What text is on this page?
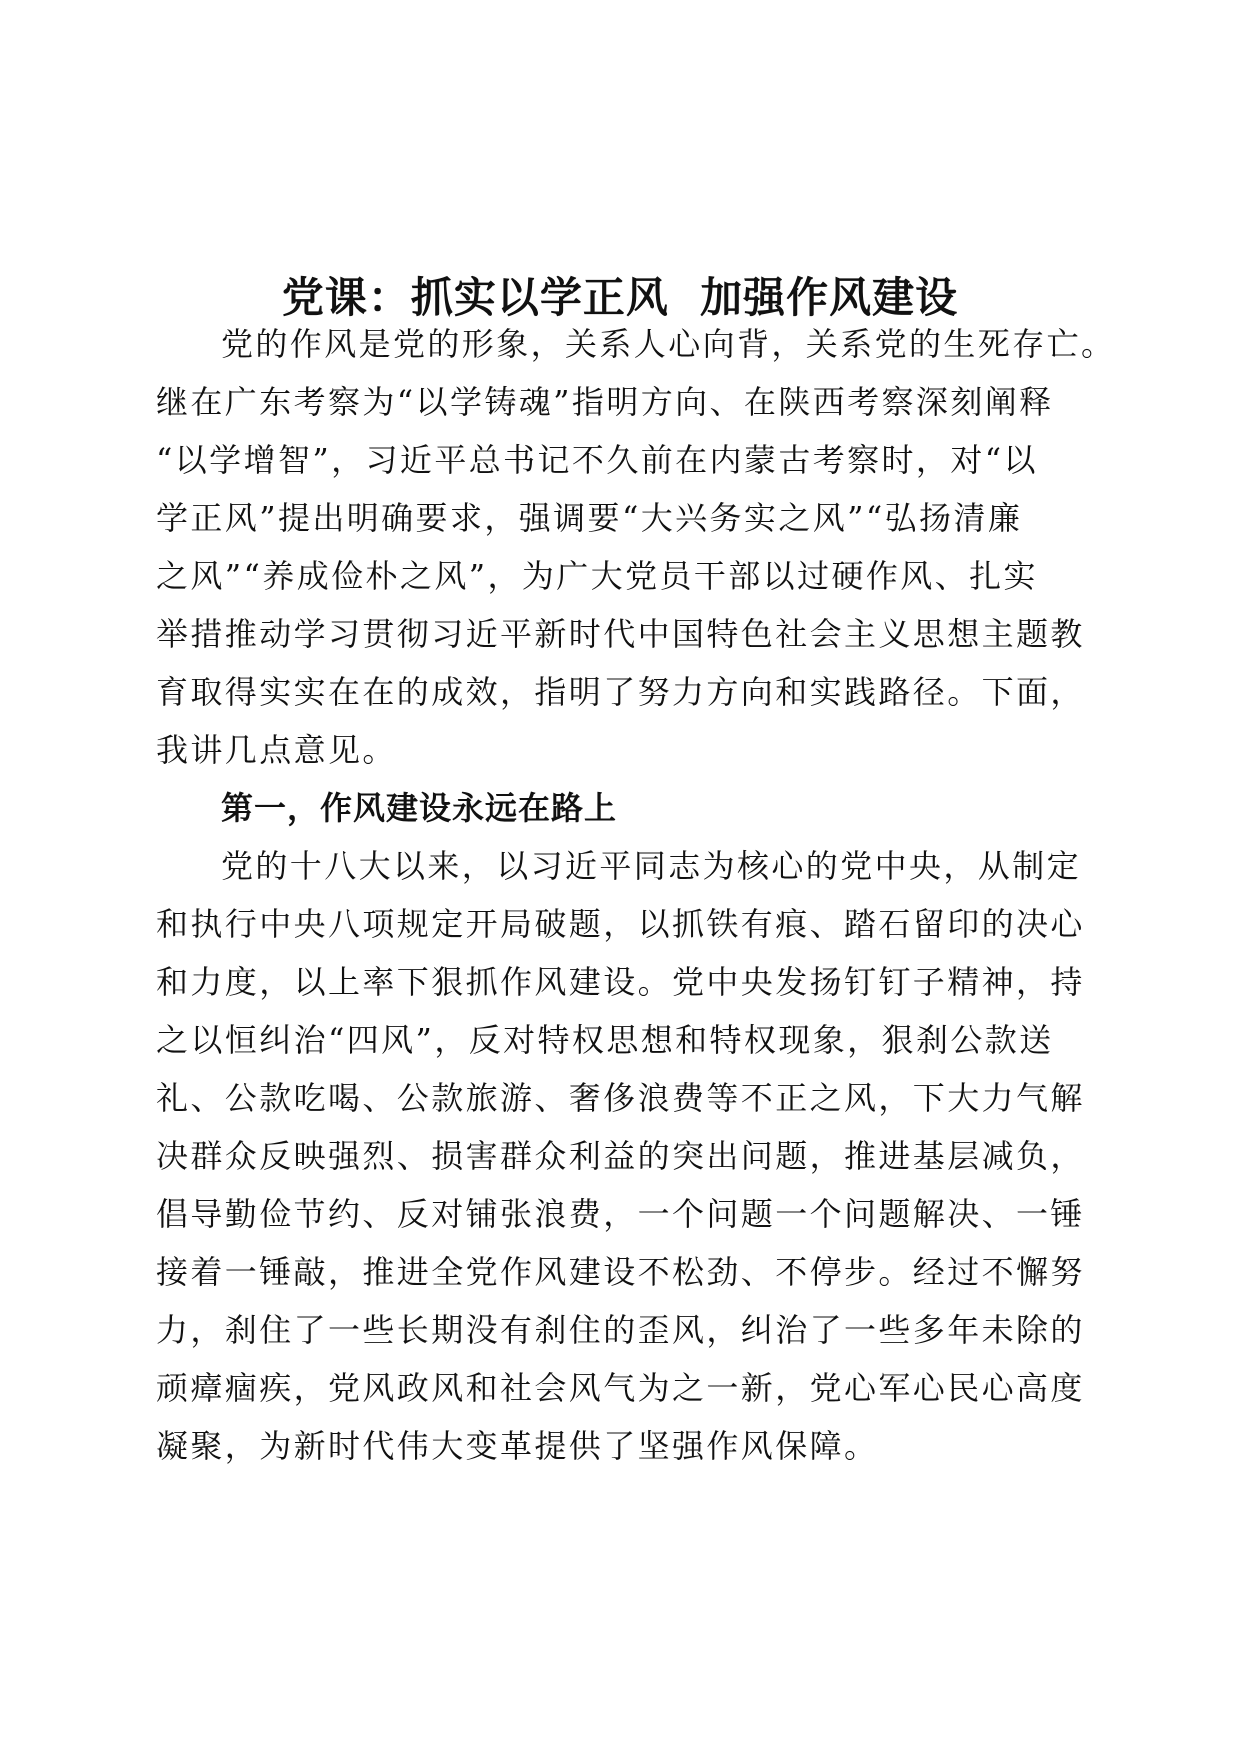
党课：抓实以学正风  加强作风建设
党的作风是党的形象，关系人心向背，关系党的生死存亡。
继在广东考察为“以学铸魂”指明方向、在陕西考察深刻阐释
“以学增智”，习近平总书记不久前在内蒙古考察时，对“以
学正风”提出明确要求，强调要“大兴务实之风”“弘扬清廉
之风”“养成俭朴之风”，为广大党员干部以过硬作风、扎实
举措推动学习贯彻习近平新时代中国特色社会主义思想主题教
育取得实实在在的成效，指明了努力方向和实践路径。下面，
我讲几点意见。
第一，作风建设永远在路上
党的十八大以来，以习近平同志为核心的党中央，从制定
和执行中央八项规定开局破题，以抓铁有痕、踏石留印的决心
和力度，以上率下狠抓作风建设。党中央发扬钉钉子精神，持
之以恒纠治“四风”，反对特权思想和特权现象，狠刹公款送
礼、公款吃喝、公款旅游、奢侈浪费等不正之风，下大力气解
决群众反映强烈、损害群众利益的突出问题，推进基层减负，
倡导勤俭节约、反对铺张浪费，一个问题一个问题解决、一锤
接着一锤敲，推进全党作风建设不松劲、不停步。经过不懈努
力，刹住了一些长期没有刹住的歪风，纠治了一些多年未除的
顽瘴痼疾，党风政风和社会风气为之一新，党心军心民心高度
凝聚，为新时代伟大变革提供了坚强作风保障。
